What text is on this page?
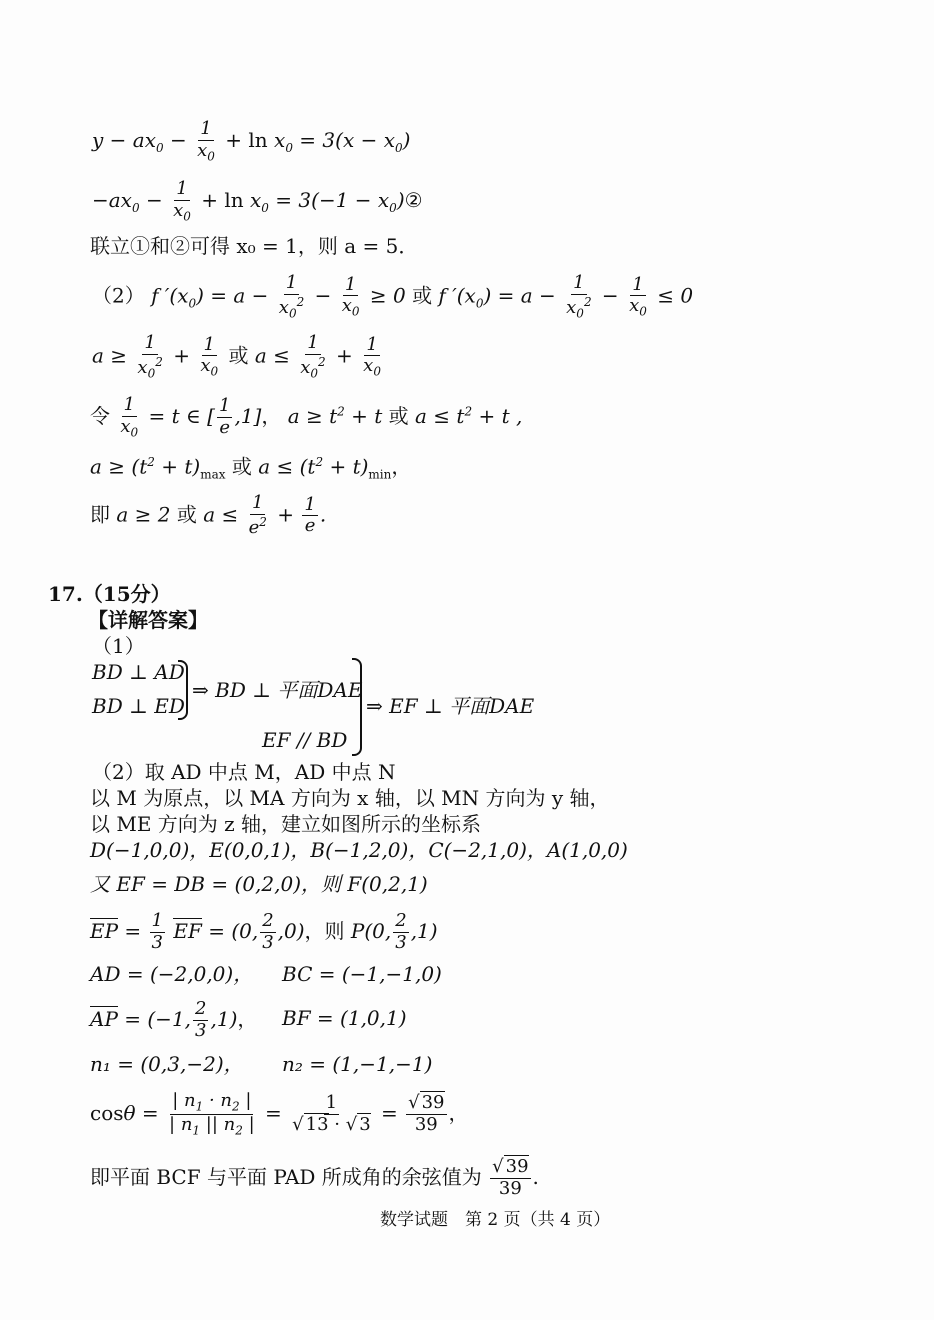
$y - ax_0 - \frac{1}{x_0} + \ln x_0 = 3(x - x_0)$
$-ax_0 - \frac{1}{x_0} + \ln x_0 = 3(-1$ − $x_0)②$
联立①和②可得 x₀ = 1，则 a = 5．
（2） f $'(x_0) = a - \frac{1}{x_0^2} - \frac{1}{x_0} \ge 0$ 或 f $'(x_0) = a - \frac{1}{x_0^2} - \frac{1}{x_0} \le 0$
$a \ge \frac{1}{x_0^2} + \frac{1}{x_0}$ 或 $a \le \frac{1}{x_0^2} + \frac{1}{x_0}$
令 $\frac{1}{x_0} = t$ ∈ [ $\frac{1}{e} ,1$]， $a \ge t^2 + t$ 或 $a \le t^2 + t$ ,
$a \ge (t^2 + t)_{max}$ 或 $a \le (t^2 + t)_{min}$，
即 a ≥ 2 或 $a \le \frac{1}{e^2} + \frac{1}{e}$ .
17.（15分）
【详解答案】
（1）
BD ⊥ AD
BD ⊥ ED
⇒ BD ⊥ 平面DAE
EF // BD
⇒ EF ⊥ 平面DAE
（2）取 AD 中点 M，AD 中点 N
以 M 为原点，以 MA 方向为 x 轴，以 MN 方向为 y 轴，
以 ME 方向为 z 轴，建立如图所示的坐标系
D(−1,0,0)，E(0,0,1)，B(−1,2,0)，C(−2,1,0)，A(1,0,0)
又 EF = DB = (0,2,0)，则 F(0,2,1)
EP = $\frac{1}{3}$ EF = (0, $\frac{2}{3} ,0$)，则 P(0, $\frac{2}{3} ,1$)
AD = (−2,0,0)， BC = (−1,−1,0)
AP = (−1, $\frac{2}{3} ,1$)， BF = (1,0,1)
n₁ = (0,3,−2)， n₂ = (1,−1,−1)
$\cos\theta = \frac{| n_1 \cdot n_2 |}{| n_1 || n_2 |} = \frac{1}{√ 13 \cdot √ 3} = \frac{√ 39}{39}$ ，
即平面 BCF 与平面 PAD 所成角的余弦值为 $\frac{√ 39}{39}$ .
数学试题　第 2 页（共 4 页）
